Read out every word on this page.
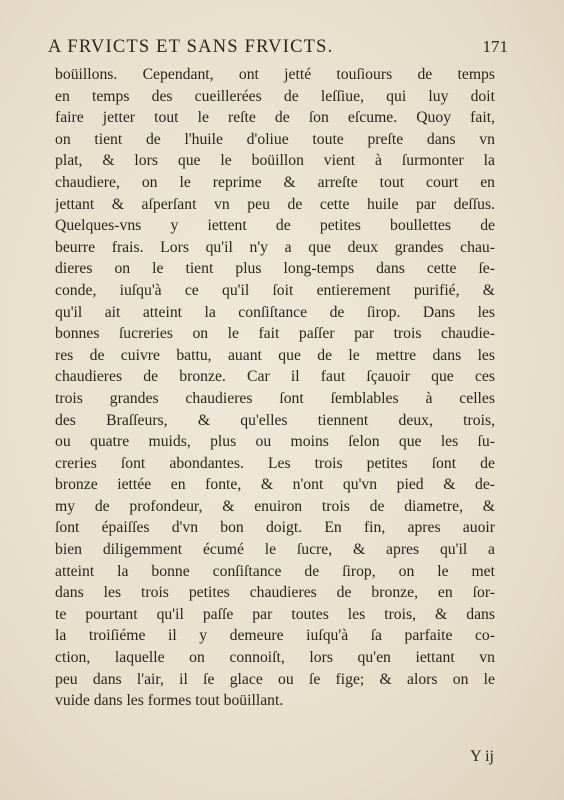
A FRVICTS ET SANS FRVICTS.	171
boüillons. Cependant, ont jetté touſiours de temps
en temps des cueillerées de leſſiue, qui luy doit
faire jetter tout le reſte de ſon eſcume. Quoy fait,
on tient de l'huile d'oliue toute preſte dans vn
plat, & lors que le boüillon vient à ſurmonter la
chaudiere, on le reprime & arreſte tout court en
jettant & aſperſant vn peu de cette huile par deſſus.
Quelques-vns y iettent de petites boullettes de
beurre frais. Lors qu'il n'y a que deux grandes chau-
dieres on le tient plus long-temps dans cette ſe-
conde, iuſqu'à ce qu'il ſoit entierement purifié, &
qu'il ait atteint la conſiſtance de ſirop. Dans les
bonnes ſucreries on le fait paſſer par trois chaudie-
res de cuivre battu, auant que de le mettre dans les
chaudieres de bronze. Car il faut ſçauoir que ces
trois grandes chaudieres ſont ſemblables à celles
des Braſſeurs, & qu'elles tiennent deux, trois,
ou quatre muids, plus ou moins ſelon que les ſu-
creries ſont abondantes. Les trois petites ſont de
bronze iettée en fonte, & n'ont qu'vn pied & de-
my de profondeur, & enuiron trois de diametre, &
ſont épaiſſes d'vn bon doigt. En fin, apres auoir
bien diligemment écumé le ſucre, & apres qu'il a
atteint la bonne conſiſtance de ſirop, on le met
dans les trois petites chaudieres de bronze, en ſor-
te pourtant qu'il paſſe par toutes les trois, & dans
la troiſiéme il y demeure iuſqu'à ſa parfaite co-
ction, laquelle on connoiſt, lors qu'en iettant vn
peu dans l'air, il ſe glace ou ſe fige; & alors on le
vuide dans les formes tout boüillant.
Y ij
